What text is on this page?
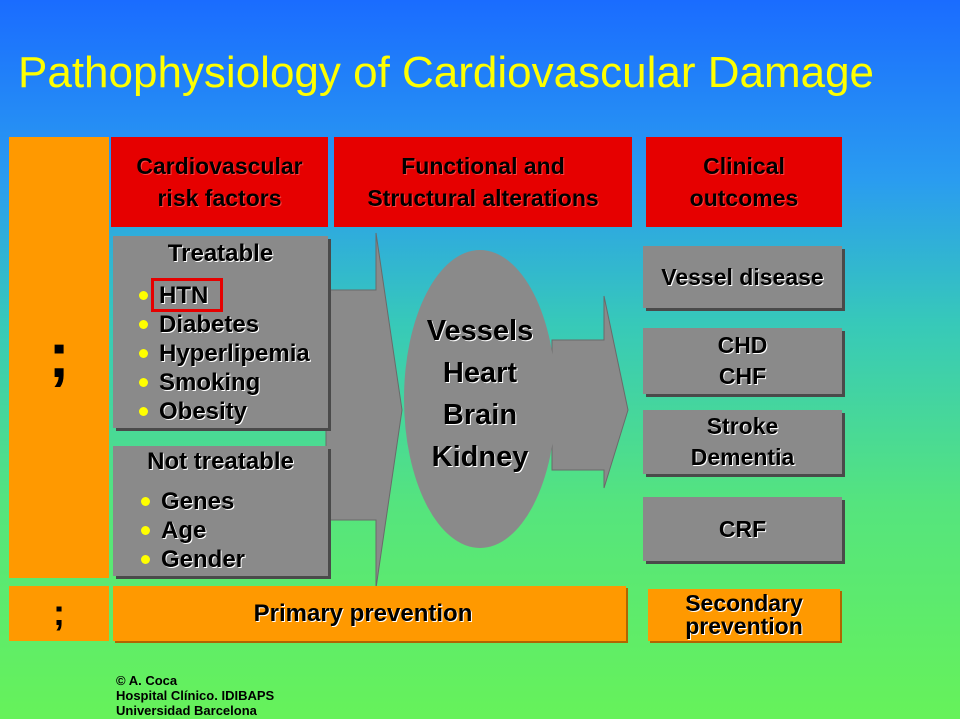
Pathophysiology of Cardiovascular Damage
;
Cardiovascular
risk factors
Functional and
Structural alterations
Clinical
outcomes
Treatable
HTN
Diabetes
Hyperlipemia
Smoking
Obesity
Not treatable
Genes
Age
Gender
Vessels
Heart
Brain
Kidney
Vessel disease
CHD
CHF
Stroke
Dementia
CRF
;	Primary prevention	Secondary
prevention
© A. Coca
Hospital Clínico. IDIBAPS
Universidad Barcelona
